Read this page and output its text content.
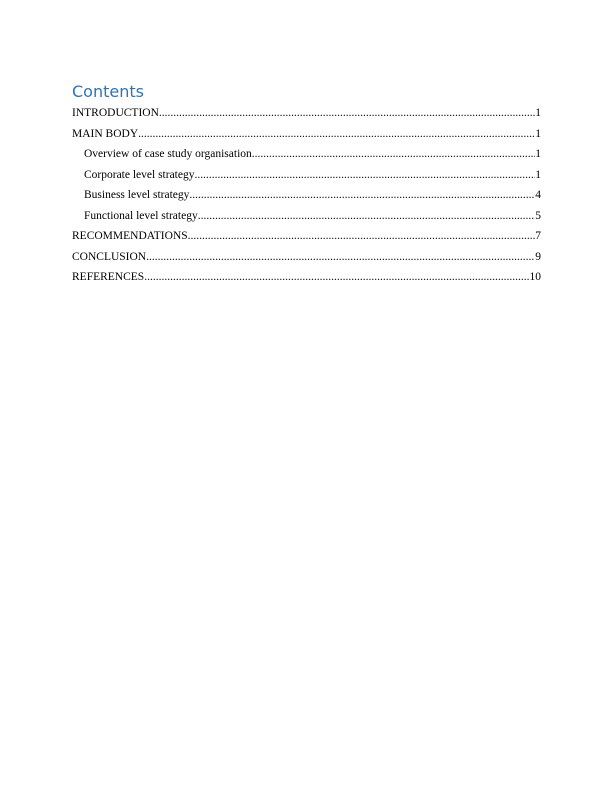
Contents
INTRODUCTION .....	1
MAIN BODY .....	1
Overview of case study organisation .....	1
Corporate level strategy .....	1
Business level strategy .....	4
Functional level strategy .....	5
RECOMMENDATIONS .....	7
CONCLUSION .....	9
REFERENCES .....	10
